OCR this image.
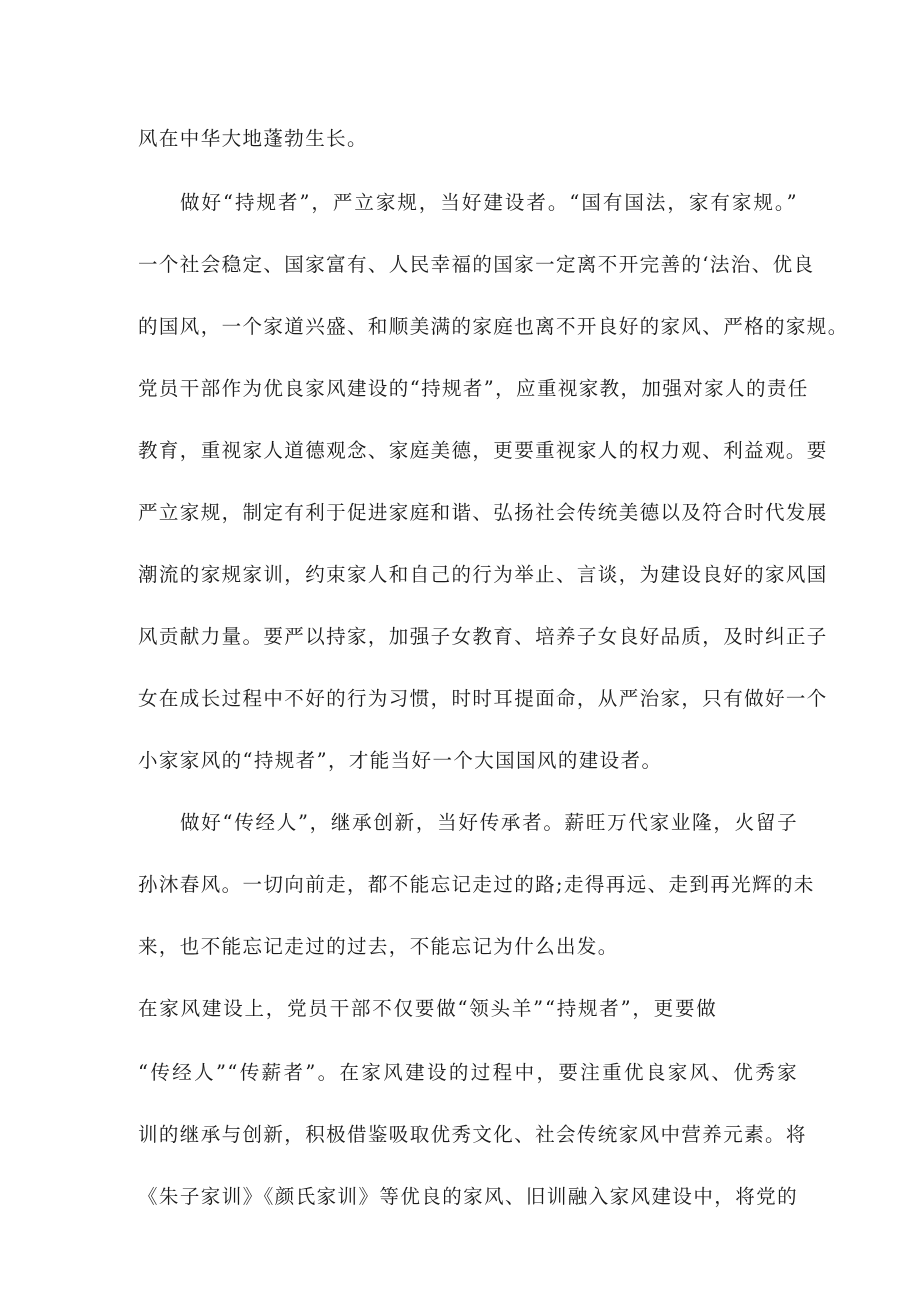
风在中华大地蓬勃生长。
做好“持规者”，严立家规，当好建设者。“国有国法，家有家规。”
一个社会稳定、国家富有、人民幸福的国家一定离不开完善的‘法治、优良
的国风，一个家道兴盛、和顺美满的家庭也离不开良好的家风、严格的家规。
党员干部作为优良家风建设的“持规者”，应重视家教，加强对家人的责任
教育，重视家人道德观念、家庭美德，更要重视家人的权力观、利益观。要
严立家规，制定有利于促进家庭和谐、弘扬社会传统美德以及符合时代发展
潮流的家规家训，约束家人和自己的行为举止、言谈，为建设良好的家风国
风贡献力量。要严以持家，加强子女教育、培养子女良好品质，及时纠正子
女在成长过程中不好的行为习惯，时时耳提面命，从严治家，只有做好一个
小家家风的“持规者”，才能当好一个大国国风的建设者。
做好“传经人”，继承创新，当好传承者。薪旺万代家业隆，火留子
孙沐春风。一切向前走，都不能忘记走过的路;走得再远、走到再光辉的未
来，也不能忘记走过的过去，不能忘记为什么出发。
在家风建设上，党员干部不仅要做“领头羊”“持规者”，更要做
“传经人”“传薪者”。在家风建设的过程中，要注重优良家风、优秀家
训的继承与创新，积极借鉴吸取优秀文化、社会传统家风中营养元素。将
《朱子家训》《颜氏家训》等优良的家风、旧训融入家风建设中，将党的
